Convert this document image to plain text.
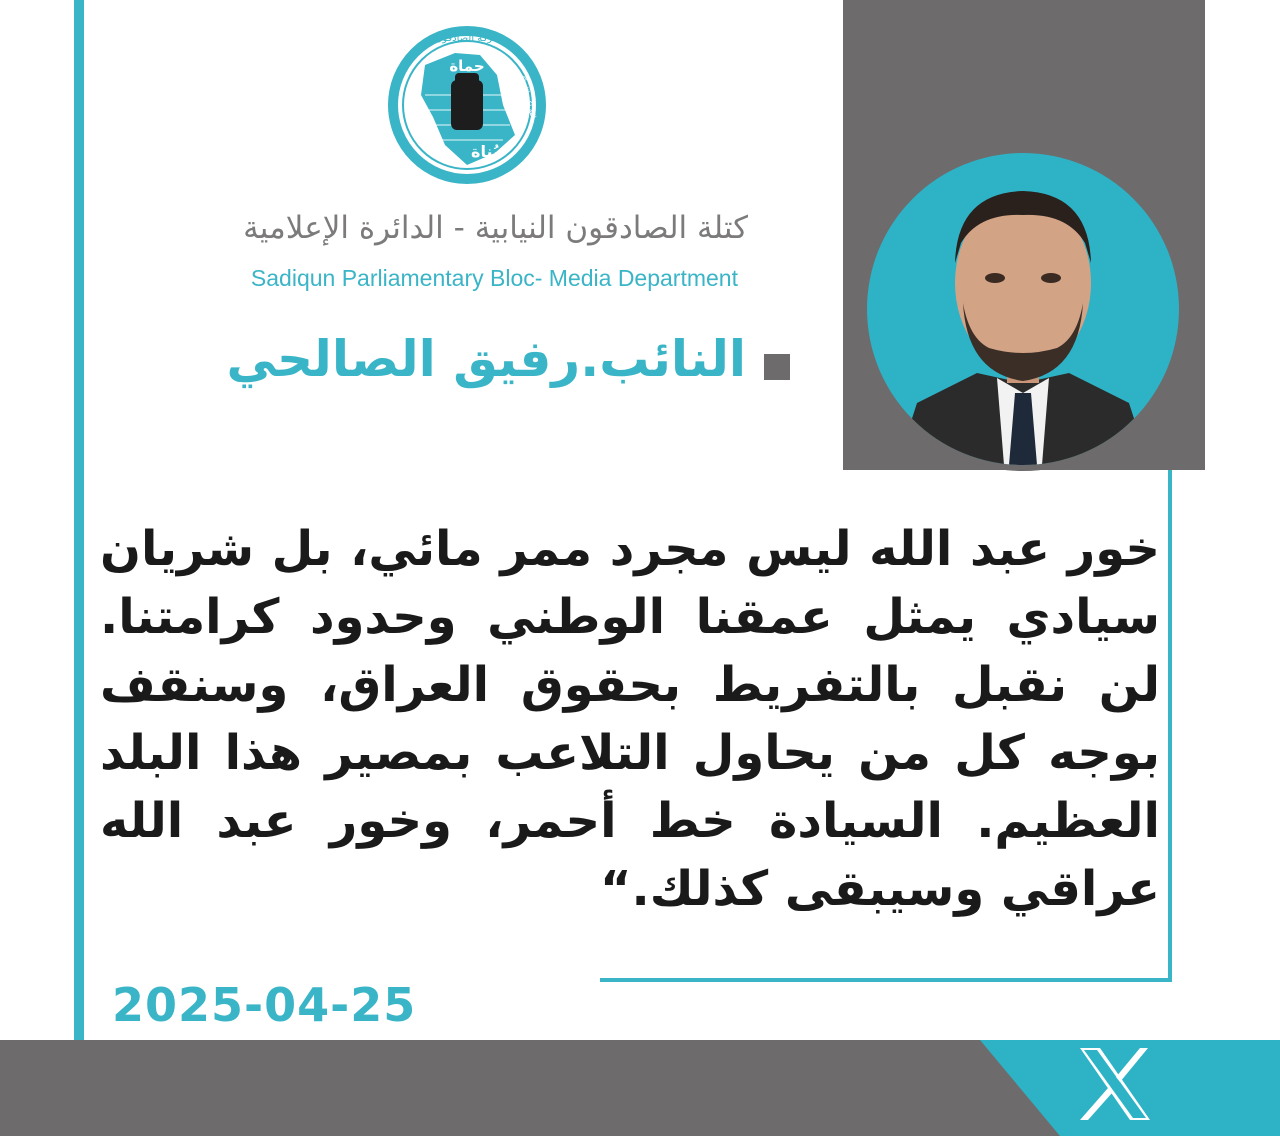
حركة الصادقون
حماة
بُناة
الله أكبر الله أكبر
كتلة الصادقون النيابية - الدائرة الإعلامية
Sadiqun Parliamentary Bloc- Media Department
النائب.رفيق الصالحي
خور عبد الله ليس مجرد ممر مائي، بل شريان سيادي يمثل عمقنا الوطني وحدود كرامتنا. لن نقبل بالتفريط بحقوق العراق، وسنقف بوجه كل من يحاول التلاعب بمصير هذا البلد العظيم. السيادة خط أحمر، وخور عبد الله عراقي وسيبقى كذلك.“
2025-04-25
